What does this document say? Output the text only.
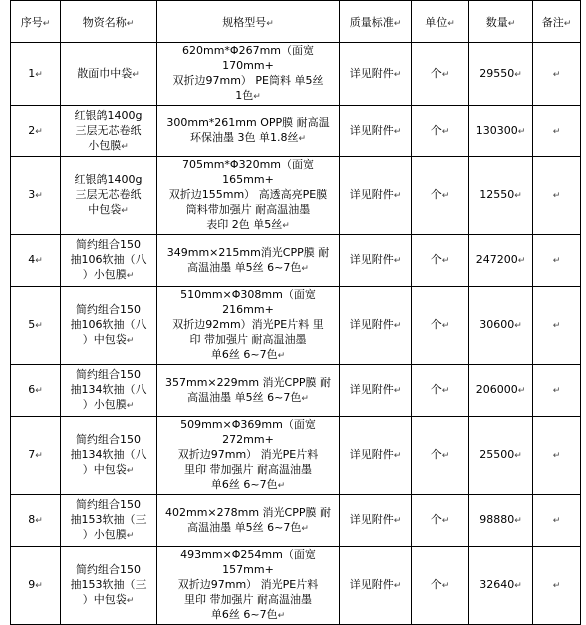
序号↵	物资名称↵	规格型号↵	质量标准↵	单位↵	数量↵	备注↵
1↵	散面巾中袋↵	620mm*Φ267mm（面宽170mm+
双折边97mm） PE筒料 单5丝
1色↵	详见附件↵	个↵	29550↵	↵
2↵	红银鸽1400g
三层无芯卷纸
小包膜↵	300mm*261mm OPP膜 耐高温
环保油墨 3色 单1.8丝↵	详见附件↵	个↵	130300↵	↵
3↵	红银鸽1400g
三层无芯卷纸
中包袋↵	705mm*Φ320mm（面宽165mm+
双折边155mm） 高透高亮PE膜
筒料带加强片 耐高温油墨
表印 2色 单5丝↵	详见附件↵	个↵	12550↵	↵
4↵	简约组合150
抽106软抽（八
）小包膜↵	349mm×215mm消光CPP膜 耐
高温油墨 单5丝 6~7色↵	详见附件↵	个↵	247200↵	↵
5↵	简约组合150
抽106软抽（八
）中包袋↵	510mm×Φ308mm（面宽216mm+
双折边92mm）消光PE片料 里
印 带加强片 耐高温油墨
单6丝 6~7色↵	详见附件↵	个↵	30600↵	↵
6↵	简约组合150
抽134软抽（八
）小包膜↵	357mm×229mm 消光CPP膜 耐
高温油墨 单5丝 6~7色↵	详见附件↵	个↵	206000↵	↵
7↵	简约组合150
抽134软抽（八
）中包袋↵	509mm×Φ369mm（面宽272mm+
双折边97mm） 消光PE片料
里印 带加强片 耐高温油墨
单6丝 6~7色↵	详见附件↵	个↵	25500↵	↵
8↵	简约组合150
抽153软抽（三
）小包膜↵	402mm×278mm 消光CPP膜 耐
高温油墨 单5丝 6~7色↵	详见附件↵	个↵	98880↵	↵
9↵	简约组合150
抽153软抽（三
）中包袋↵	493mm×Φ254mm（面宽157mm+
双折边97mm） 消光PE片料
里印 带加强片 耐高温油墨
单6丝 6~7色↵	详见附件↵	个↵	32640↵	↵
